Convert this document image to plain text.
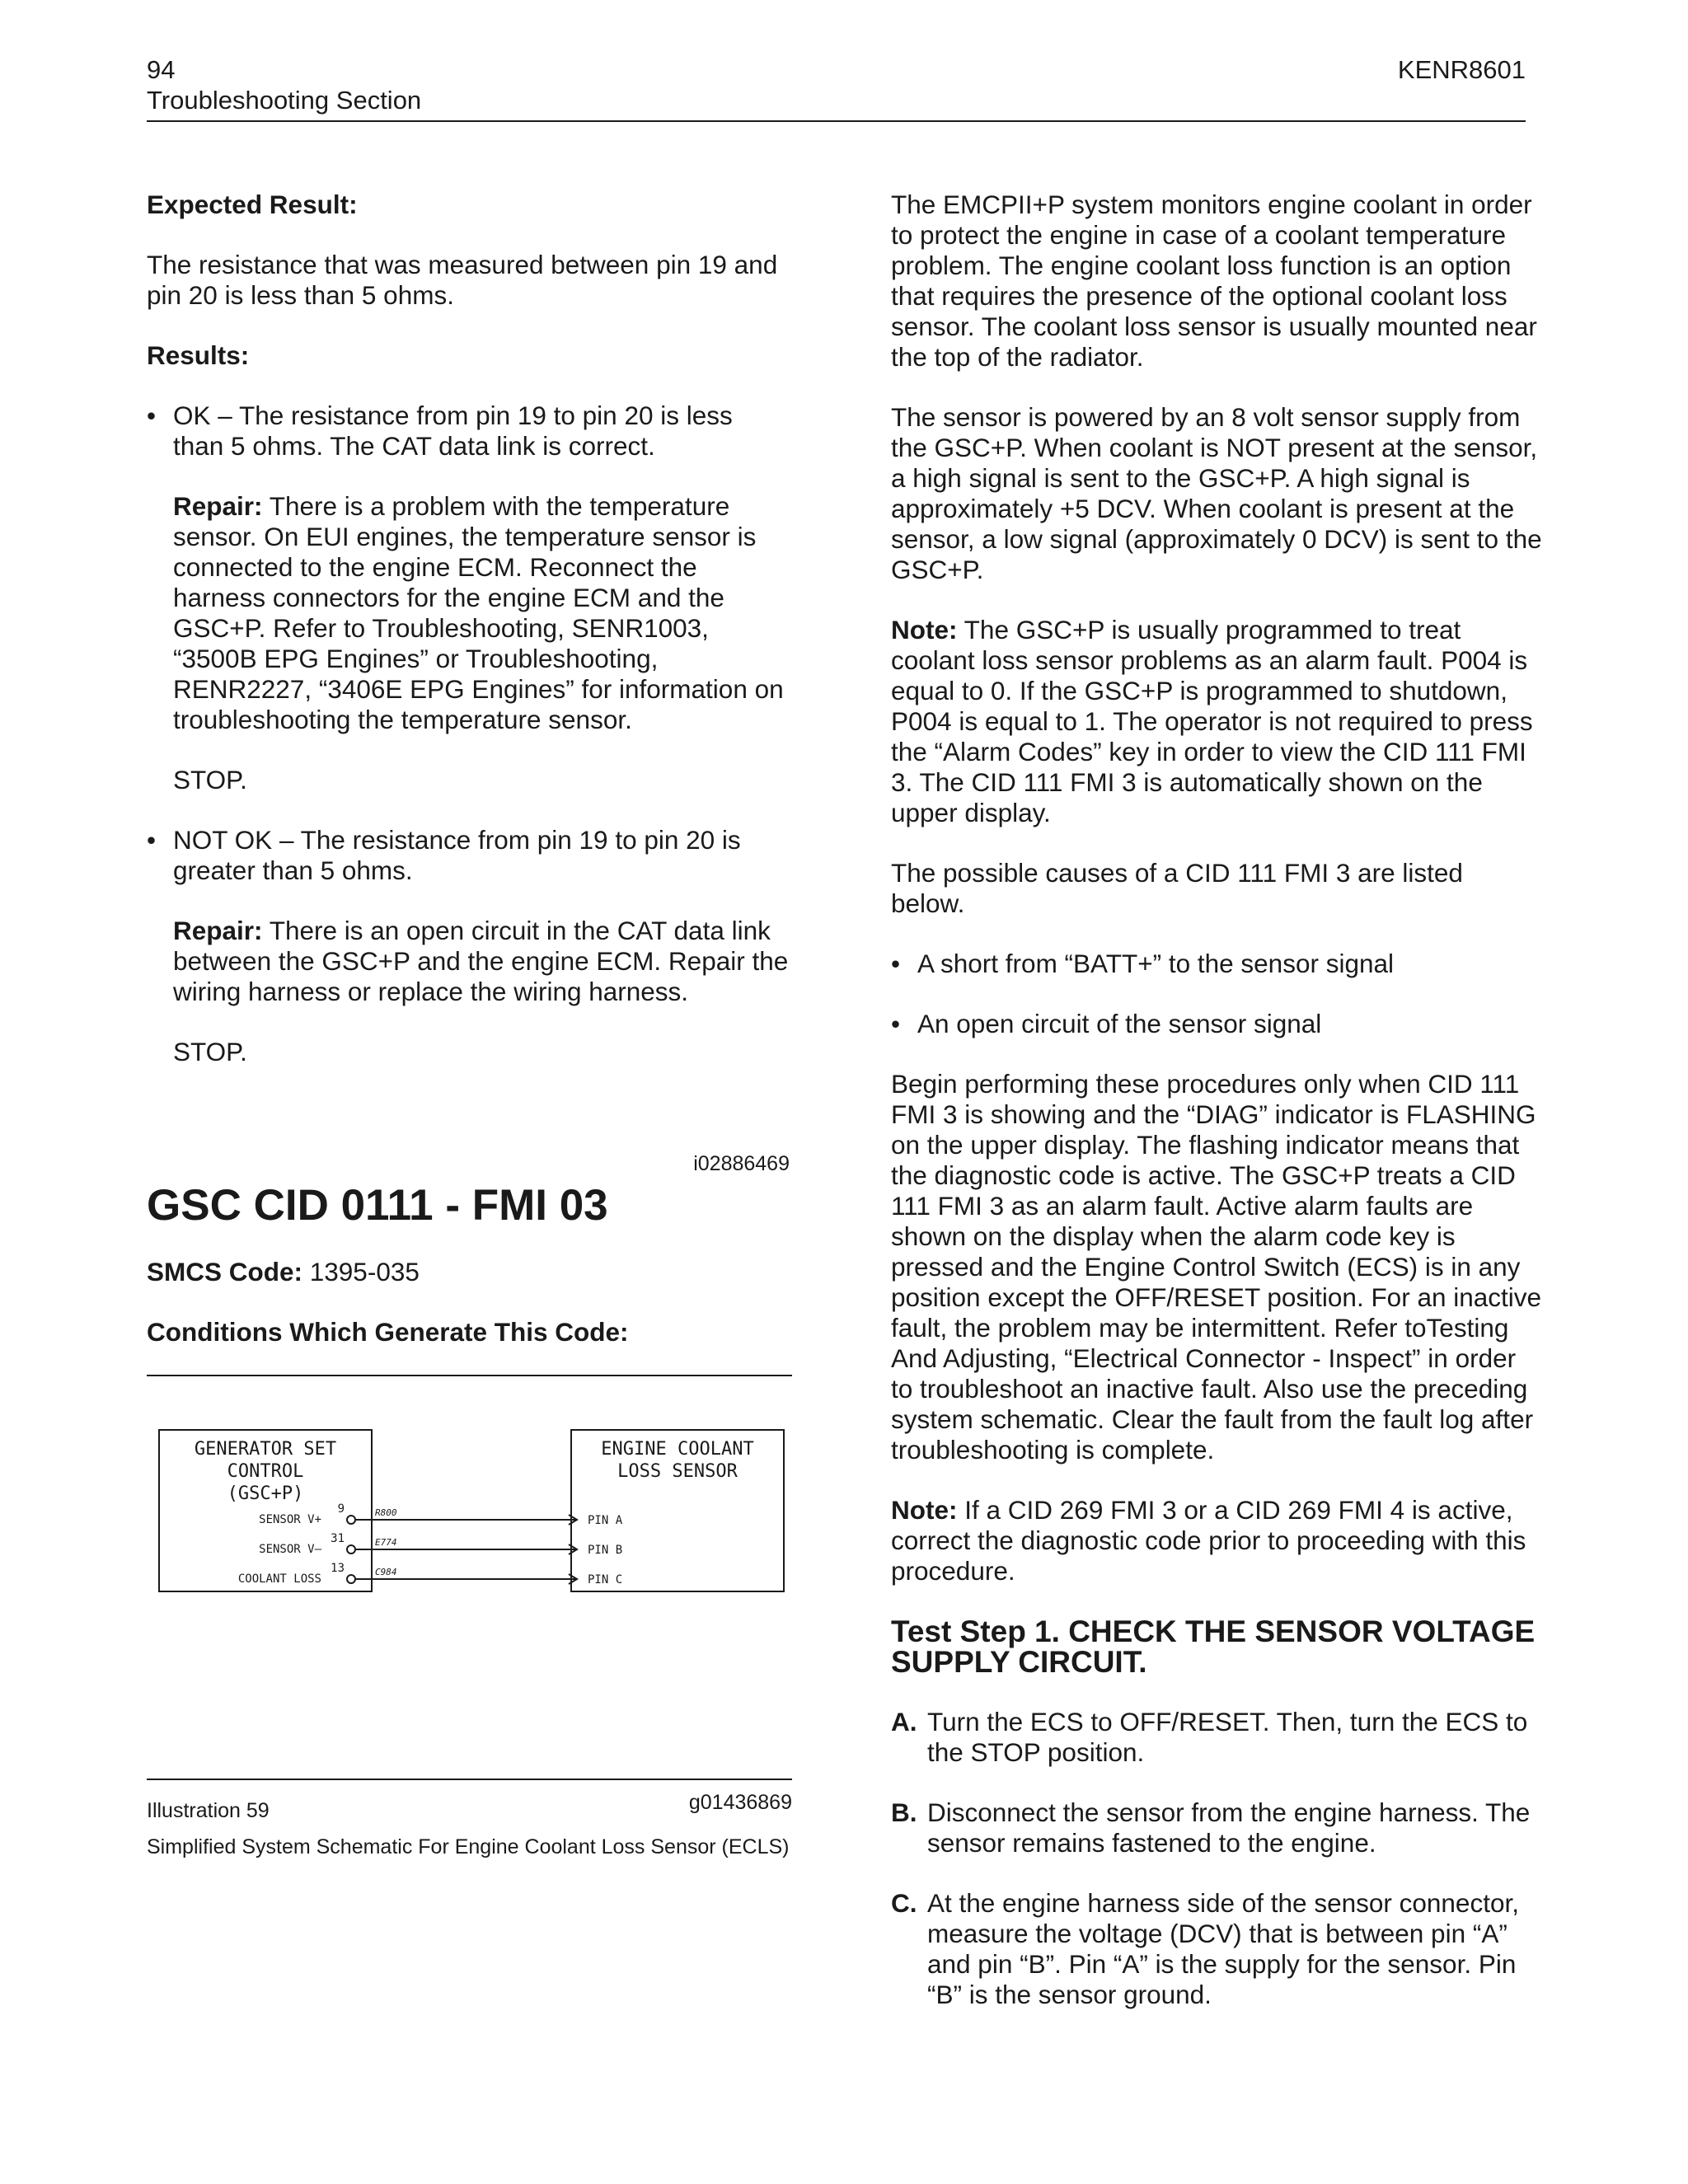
94
Troubleshooting Section
KENR8601

Expected Result:

The resistance that was measured between pin 19 and pin 20 is less than 5 ohms.

Results:

• OK – The resistance from pin 19 to pin 20 is less than 5 ohms. The CAT data link is correct.
Repair: There is a problem with the temperature sensor. On EUI engines, the temperature sensor is connected to the engine ECM. Reconnect the harness connectors for the engine ECM and the GSC+P. Refer to Troubleshooting, SENR1003, “3500B EPG Engines” or Troubleshooting, RENR2227, “3406E EPG Engines” for information on troubleshooting the temperature sensor.
STOP.
• NOT OK – The resistance from pin 19 to pin 20 is greater than 5 ohms.
Repair: There is an open circuit in the CAT data link between the GSC+P and the engine ECM. Repair the wiring harness or replace the wiring harness.
STOP.
i02886469
GSC CID 0111 - FMI 03

SMCS Code: 1395-035

Conditions Which Generate This Code:

GENERATOR SET
CONTROL
(GSC+P)
ENGINE COOLANT
LOSS SENSOR
SENSOR V+
9	R800
PIN A
SENSOR V–
31	E774
PIN B
COOLANT LOSS
13	C984
PIN C
Illustration 59	g01436869
Simplified System Schematic For Engine Coolant Loss Sensor (ECLS)

The EMCPII+P system monitors engine coolant in order to protect the engine in case of a coolant temperature problem. The engine coolant loss function is an option that requires the presence of the optional coolant loss sensor. The coolant loss sensor is usually mounted near the top of the radiator.

The sensor is powered by an 8 volt sensor supply from the GSC+P. When coolant is NOT present at the sensor, a high signal is sent to the GSC+P. A high signal is approximately +5 DCV. When coolant is present at the sensor, a low signal (approximately 0 DCV) is sent to the GSC+P.

Note: The GSC+P is usually programmed to treat coolant loss sensor problems as an alarm fault. P004 is equal to 0. If the GSC+P is programmed to shutdown, P004 is equal to 1. The operator is not required to press the “Alarm Codes” key in order to view the CID 111 FMI 3. The CID 111 FMI 3 is automatically shown on the upper display.

The possible causes of a CID 111 FMI 3 are listed below.

• A short from “BATT+” to the sensor signal
• An open circuit of the sensor signal

Begin performing these procedures only when CID 111 FMI 3 is showing and the “DIAG” indicator is FLASHING on the upper display. The flashing indicator means that the diagnostic code is active. The GSC+P treats a CID 111 FMI 3 as an alarm fault. Active alarm faults are shown on the display when the alarm code key is pressed and the Engine Control Switch (ECS) is in any position except the OFF/RESET position. For an inactive fault, the problem may be intermittent. Refer toTesting And Adjusting, “Electrical Connector - Inspect” in order to troubleshoot an inactive fault. Also use the preceding system schematic. Clear the fault from the fault log after troubleshooting is complete.

Note: If a CID 269 FMI 3 or a CID 269 FMI 4 is active, correct the diagnostic code prior to proceeding with this procedure.

Test Step 1. CHECK THE SENSOR VOLTAGE SUPPLY CIRCUIT.
A. Turn the ECS to OFF/RESET. Then, turn the ECS to the STOP position.
B. Disconnect the sensor from the engine harness. The sensor remains fastened to the engine.
C. At the engine harness side of the sensor connector, measure the voltage (DCV) that is between pin “A” and pin “B”. Pin “A” is the supply for the sensor. Pin “B” is the sensor ground.
